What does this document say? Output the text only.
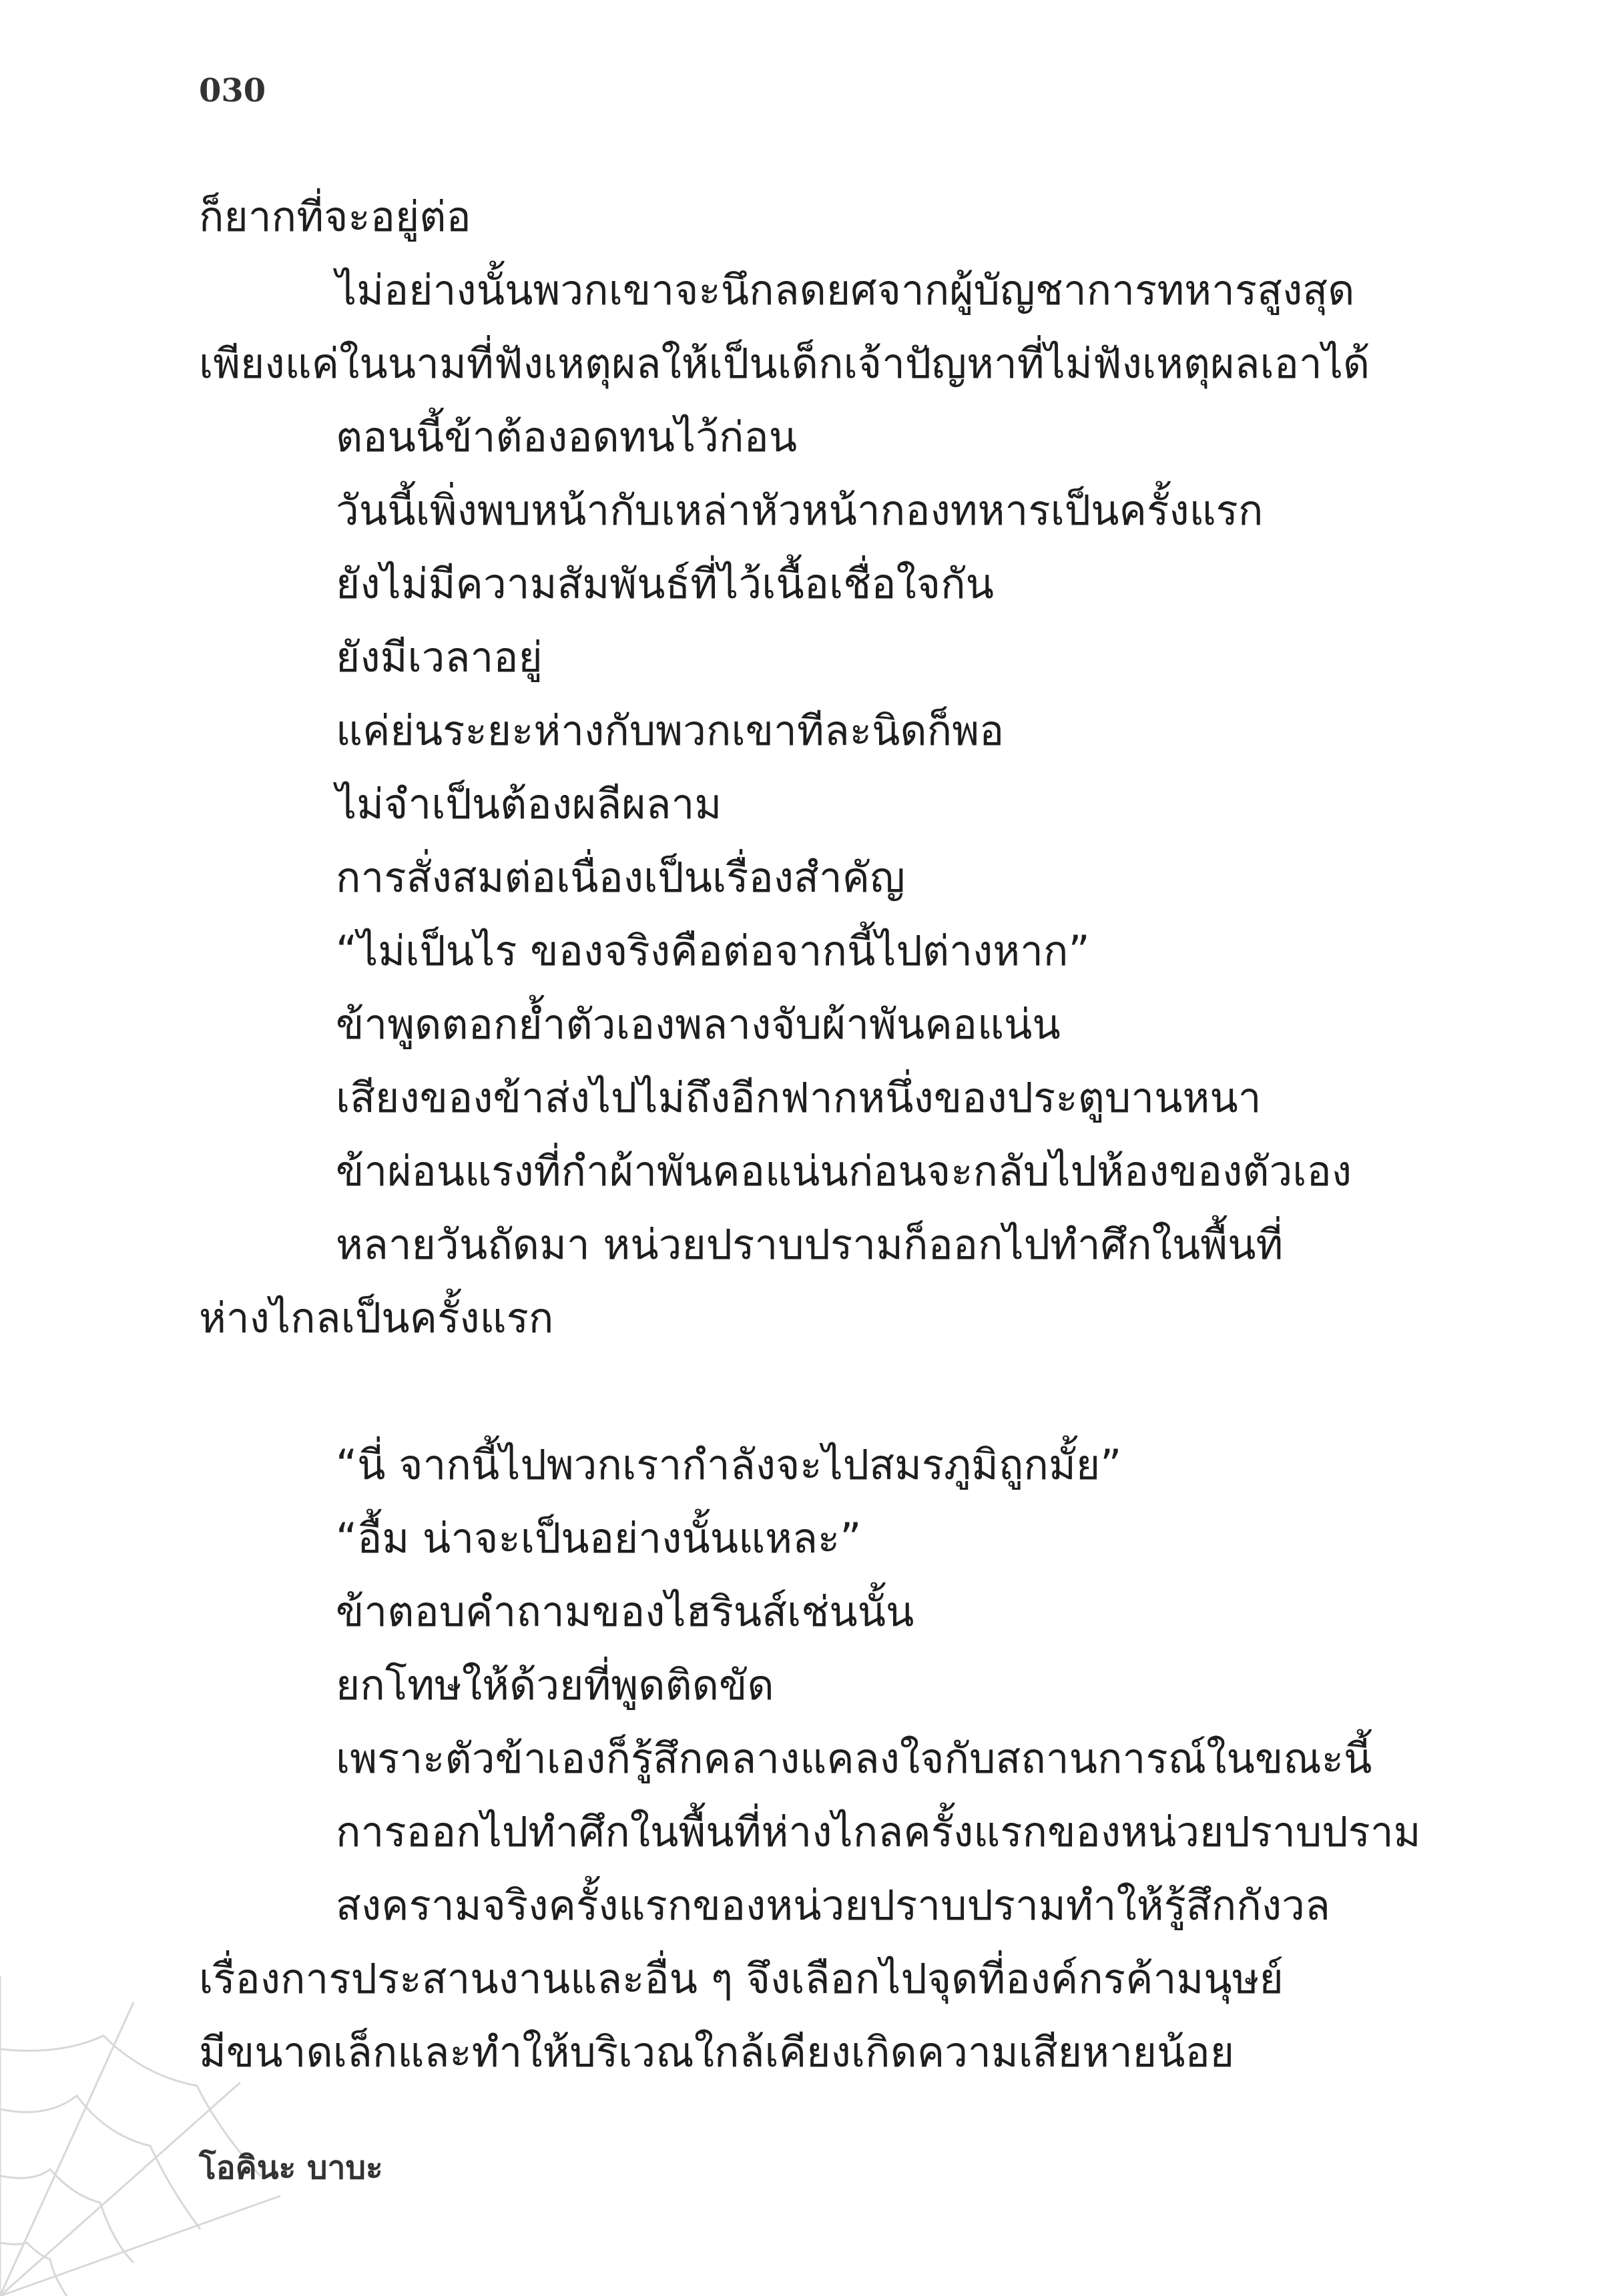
030
ก็ยากที่จะอยู่ต่อ
ไม่อย่างนั้นพวกเขาจะนึกลดยศจากผู้บัญชาการทหารสูงสุด
เพียงแค่ในนามที่ฟังเหตุผลให้เป็นเด็กเจ้าปัญหาที่ไม่ฟังเหตุผลเอาได้
ตอนนี้ข้าต้องอดทนไว้ก่อน
วันนี้เพิ่งพบหน้ากับเหล่าหัวหน้ากองทหารเป็นครั้งแรก
ยังไม่มีความสัมพันธ์ที่ไว้เนื้อเชื่อใจกัน
ยังมีเวลาอยู่
แค่ย่นระยะห่างกับพวกเขาทีละนิดก็พอ
ไม่จำเป็นต้องผลีผลาม
การสั่งสมต่อเนื่องเป็นเรื่องสำคัญ
“ไม่เป็นไร ของจริงคือต่อจากนี้ไปต่างหาก”
ข้าพูดตอกย้ำตัวเองพลางจับผ้าพันคอแน่น
เสียงของข้าส่งไปไม่ถึงอีกฟากหนึ่งของประตูบานหนา
ข้าผ่อนแรงที่กำผ้าพันคอแน่นก่อนจะกลับไปห้องของตัวเอง
หลายวันถัดมา หน่วยปราบปรามก็ออกไปทำศึกในพื้นที่
ห่างไกลเป็นครั้งแรก
“นี่ จากนี้ไปพวกเรากำลังจะไปสมรภูมิถูกมั้ย”
“อื้ม น่าจะเป็นอย่างนั้นแหละ”
ข้าตอบคำถามของไฮรินส์เช่นนั้น
ยกโทษให้ด้วยที่พูดติดขัด
เพราะตัวข้าเองก็รู้สึกคลางแคลงใจกับสถานการณ์ในขณะนี้
การออกไปทำศึกในพื้นที่ห่างไกลครั้งแรกของหน่วยปราบปราม
สงครามจริงครั้งแรกของหน่วยปราบปรามทำให้รู้สึกกังวล
เรื่องการประสานงานและอื่น ๆ จึงเลือกไปจุดที่องค์กรค้ามนุษย์
มีขนาดเล็กและทำให้บริเวณใกล้เคียงเกิดความเสียหายน้อย
โอคินะ บาบะ
